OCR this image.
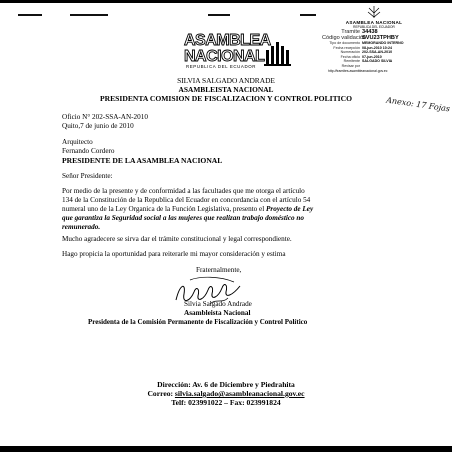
ASAMBLEA NACIONAL
REPUBLICA DEL ECUADOR
Tramite 34438
Código validación
SVU23TPHBY
Tipo de documento MEMORANDO INTERNO
Fecha recepción 08-jun-2010 10:24
Numeración 202-SSA-AN-2010
Fecha oficio 07-jun-2010
Remitente SALGADO SILVIA
Revisar por
http://tramites.asambleanacional.gov.ec
ASAMBLEA
NACIONAL
REPUBLICA DEL ECUADOR
SILVIA SALGADO ANDRADE
ASAMBLEISTA NACIONAL
PRESIDENTA COMISION DE FISCALIZACION Y CONTROL POLITICO	Anexo: 17 Fojas
Oficio N° 202-SSA-AN-2010
Quito,7 de junio de 2010
Arquitecto
Fernando Cordero
PRESIDENTE DE LA ASAMBLEA NACIONAL
Señor Presidente:
Por medio de la presente y de conformidad a las facultades que me otorga el artículo
134 de la Constitución de la Republica del Ecuador en concordancia con el artículo 54
numeral uno de la Ley Organica de la Función Legislativa, presento el Proyecto de Ley
que garantiza la Seguridad social a las mujeres que realizan trabajo doméstico no
remunerado.
Mucho agradecere se sirva dar el trámite constitucional y legal correspondiente.
Hago propicia la oportunidad para reiterarle mi mayor consideración y estima
Fraternalmente,
Silvia Salgado Andrade
Asambleista Nacional
Presidenta de la Comisión Permanente de Fiscalización y Control Político
Dirección: Av. 6 de Diciembre y Piedrahita
Correo: silvia.salgado@asambleanacional.gov.ec
Telf: 023991022 – Fax: 023991824
